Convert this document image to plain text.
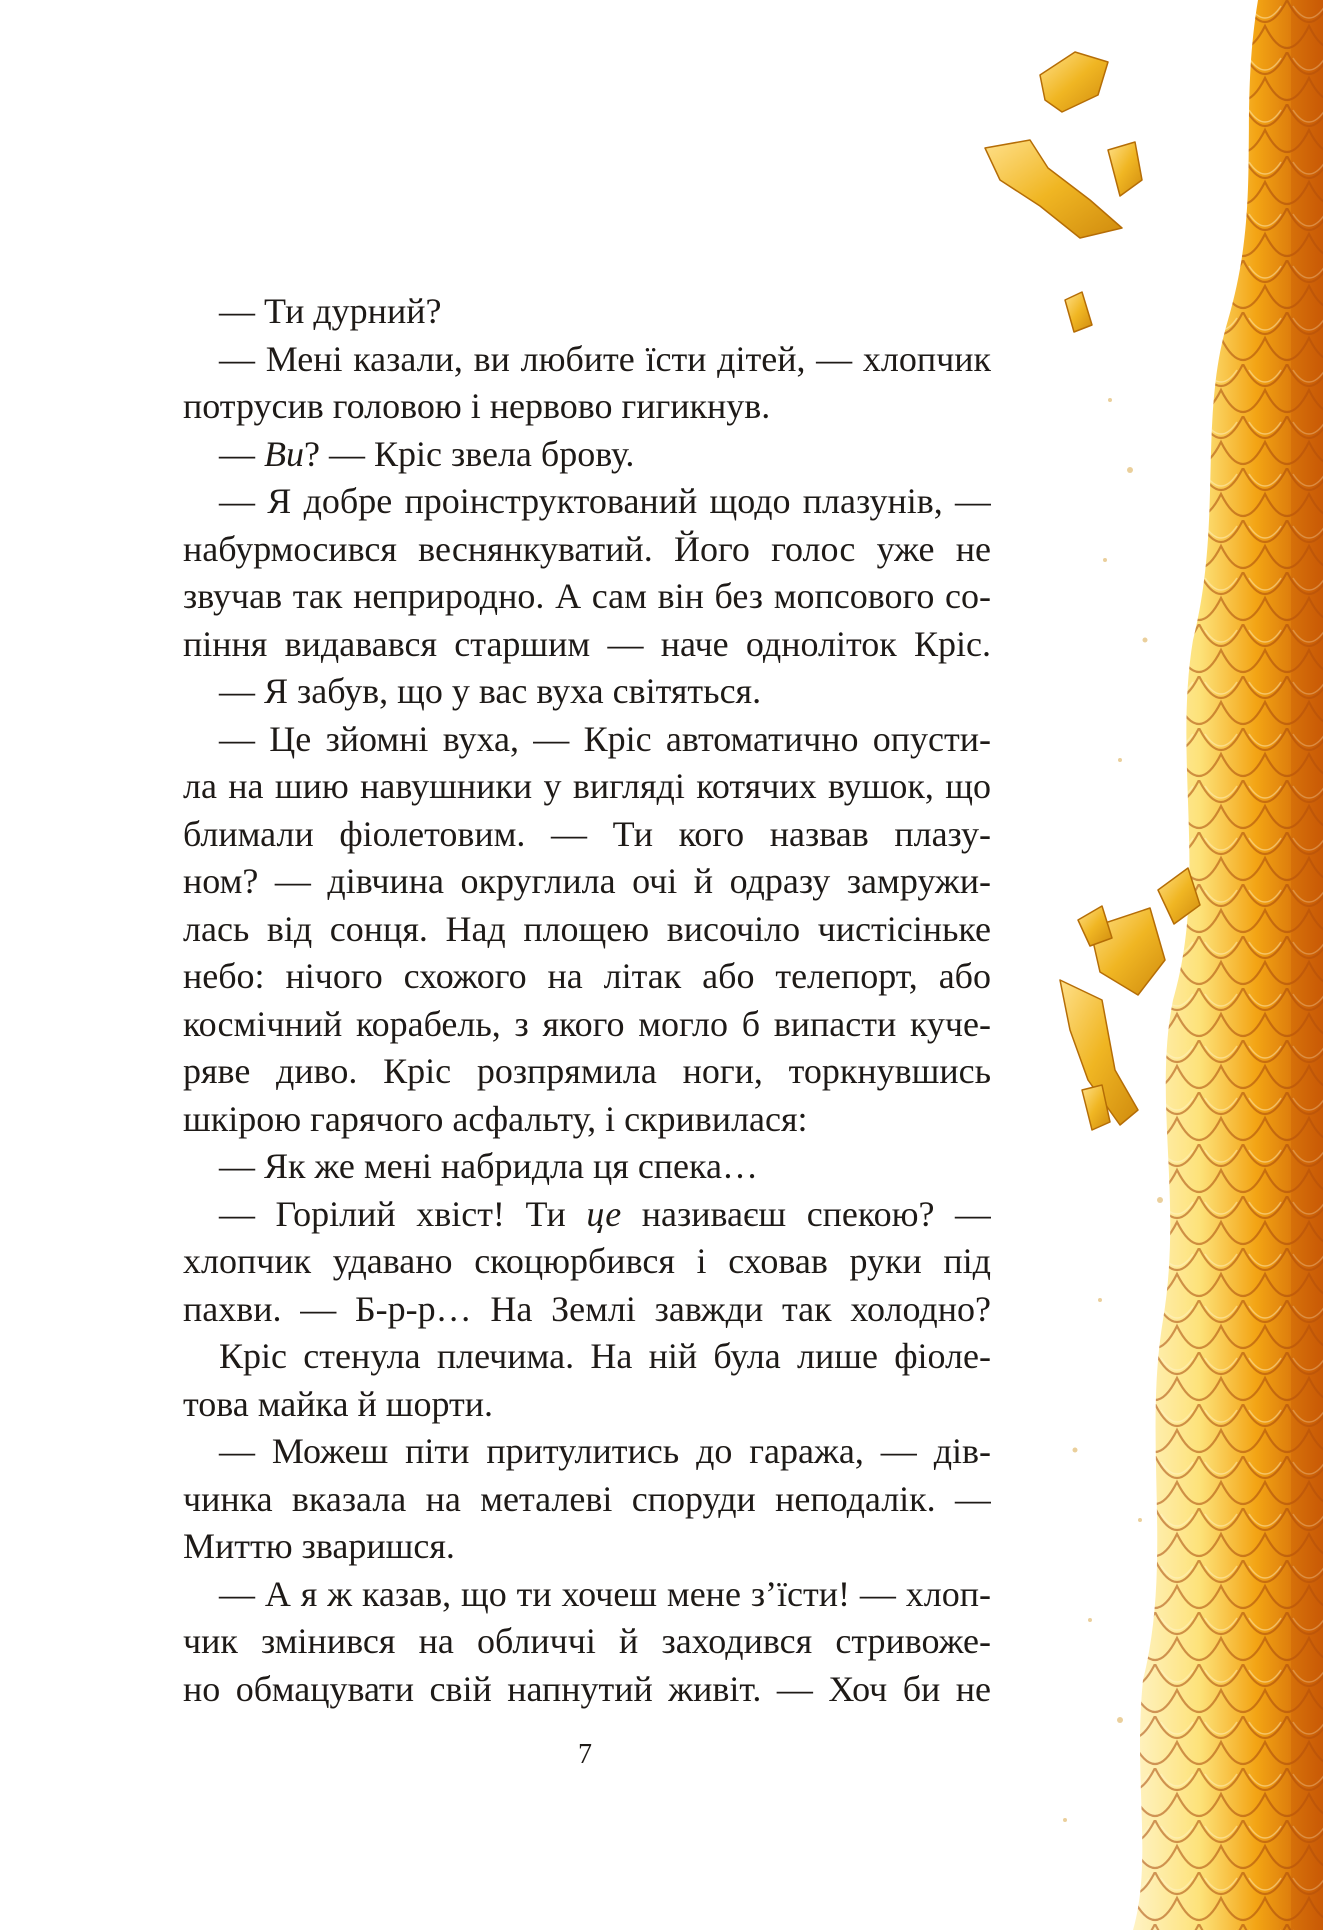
— Ти дурний?
— Мені казали, ви любите їсти дітей, — хлопчик
потрусив головою і нервово гигикнув.
— Ви? — Кріс звела брову.
— Я добре проінструктований щодо плазунів, —
набурмосився веснянкуватий. Його голос уже не
звучав так неприродно. А сам він без мопсового со-
піння видавався старшим — наче одноліток Кріс.
— Я забув, що у вас вуха світяться.
— Це зйомні вуха, — Кріс автоматично опусти-
ла на шию навушники у вигляді котячих вушок, що
блимали фіолетовим. — Ти кого назвав плазу-
ном? — дівчина округлила очі й одразу замружи-
лась від сонця. Над площею височіло чистісіньке
небо: нічого схожого на літак або телепорт, або
космічний корабель, з якого могло б випасти куче-
ряве диво. Кріс розпрямила ноги, торкнувшись
шкірою гарячого асфальту, і скривилася:
— Як же мені набридла ця спека…
— Горілий хвіст! Ти це називаєш спекою? —
хлопчик удавано скоцюрбився і сховав руки під
пахви. — Б-р-р… На Землі завжди так холодно?
Кріс стенула плечима. На ній була лише фіоле-
това майка й шорти.
— Можеш піти притулитись до гаража, — дів-
чинка вказала на металеві споруди неподалік. —
Миттю зваришся.
— А я ж казав, що ти хочеш мене з’їсти! — хлоп-
чик змінився на обличчі й заходився стривоже-
но обмацувати свій напнутий живіт. — Хоч би не
7
